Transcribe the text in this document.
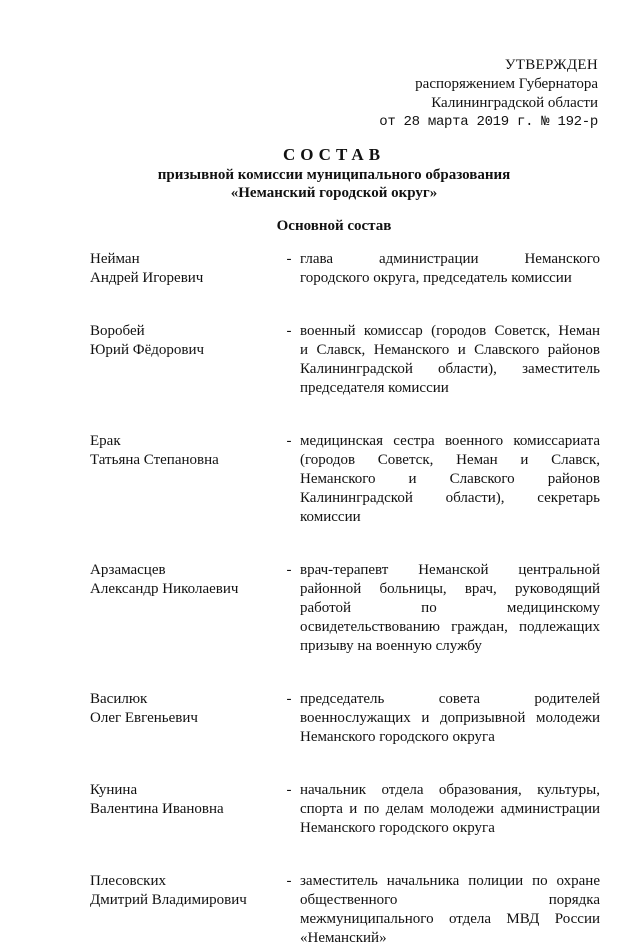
УТВЕРЖДЕН
распоряжением Губернатора
Калининградской области
от 28 марта 2019 г. № 192-р
СОСТАВ
призывной комиссии муниципального образования
«Неманский городской округ»
Основной состав
Нейман
Андрей Игоревич
- глава администрации Неманского
городского округа, председатель комиссии
Воробей
Юрий Фёдорович
- военный комиссар (городов Советск, Неман
и Славск, Неманского и Славского районов
Калининградской области), заместитель
председателя комиссии
Ерак
Татьяна Степановна
- медицинская сестра военного комиссариата
(городов Советск, Неман и Славск,
Неманского и Славского районов
Калининградской области), секретарь
комиссии
Арзамасцев
Александр Николаевич
- врач-терапевт Неманской центральной
районной больницы, врач, руководящий
работой по медицинскому
освидетельствованию граждан, подлежащих
призыву на военную службу
Василюк
Олег Евгеньевич
- председатель совета родителей
военнослужащих и допризывной молодежи
Неманского городского округа
Кунина
Валентина Ивановна
- начальник отдела образования, культуры,
спорта и по делам молодежи администрации
Неманского городского округа
Плесовских
Дмитрий Владимирович
- заместитель начальника полиции по охране
общественного порядка
межмуниципального отдела МВД России
«Неманский»
